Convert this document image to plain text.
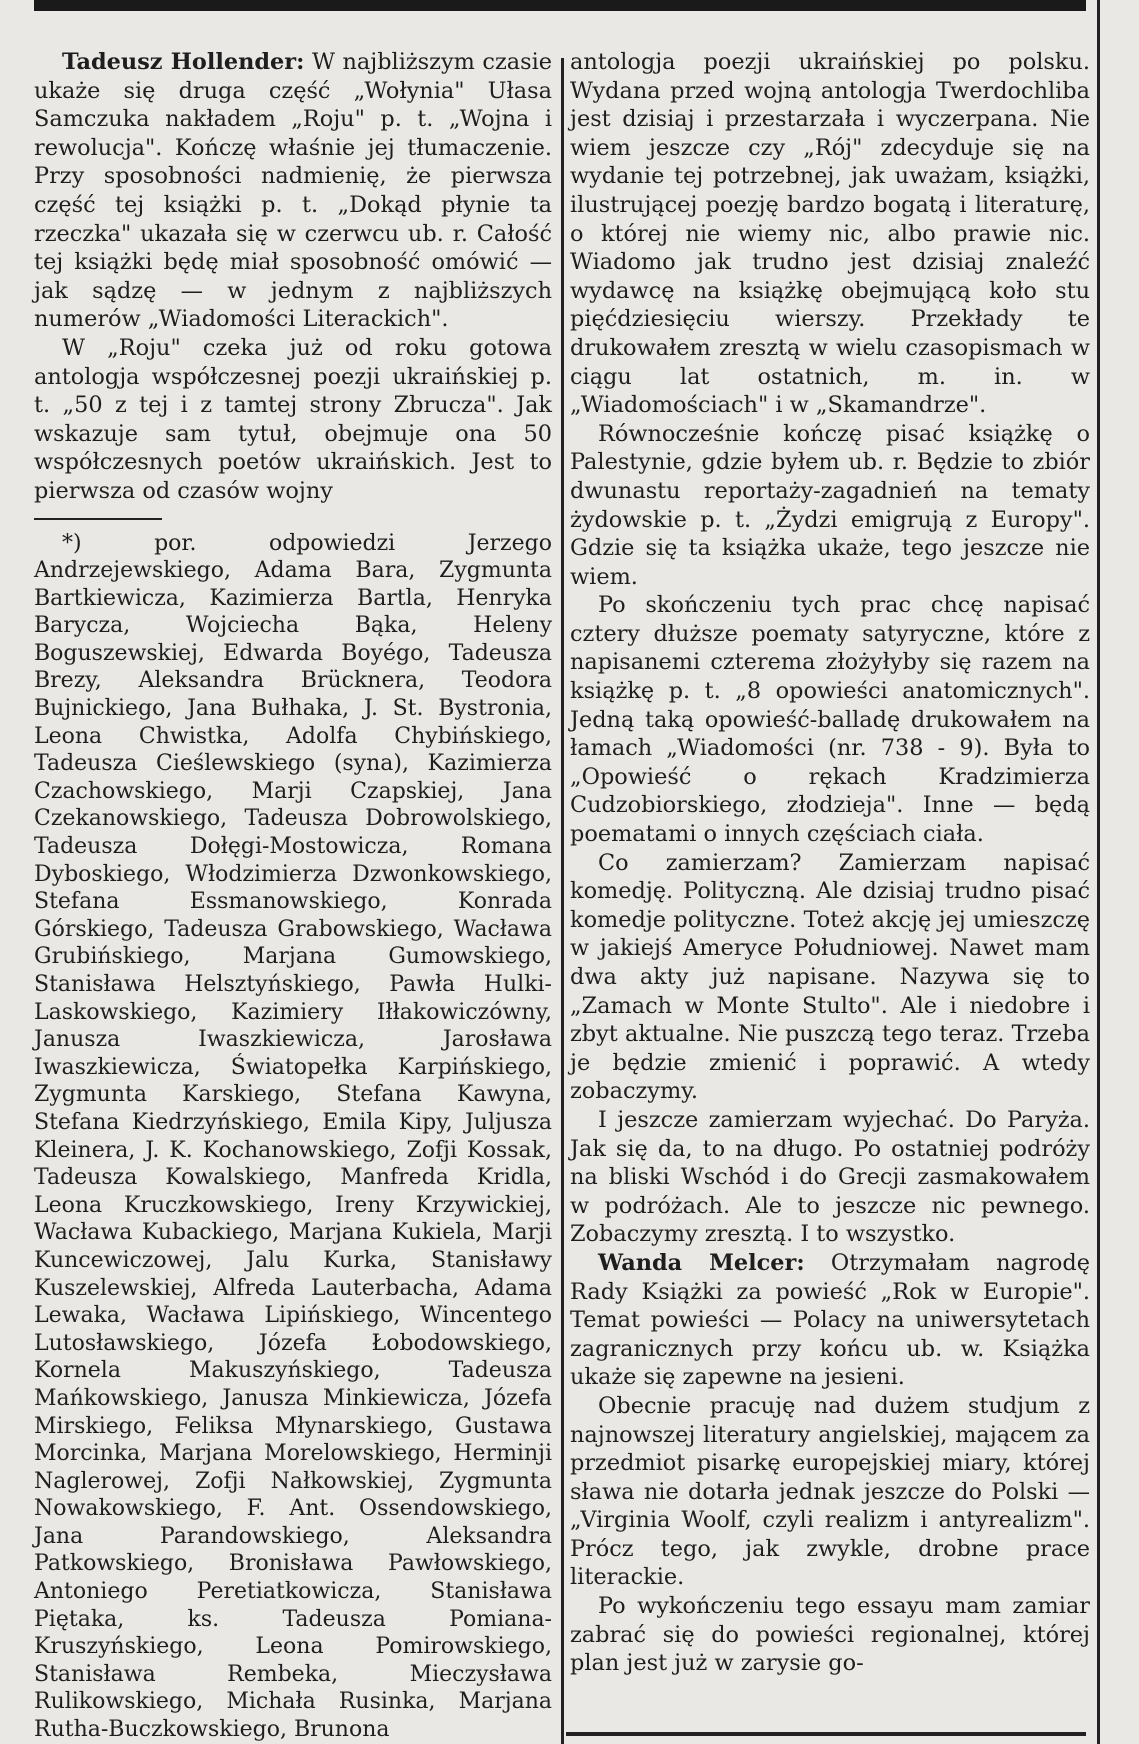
Tadeusz Hollender: W najbliższym czasie ukaże się druga część „Wołynia" Ułasa Samczuka nakładem „Roju" p. t. „Wojna i rewolucja". Kończę właśnie jej tłumaczenie. Przy sposobności nadmienię, że pierwsza część tej książki p. t. „Dokąd płynie ta rzeczka" ukazała się w czerwcu ub. r. Całość tej książki będę miał sposobność omówić — jak sądzę — w jednym z najbliższych numerów „Wiadomości Literackich".

W „Roju" czeka już od roku gotowa antologja współczesnej poezji ukraińskiej p. t. „50 z tej i z tamtej strony Zbrucza". Jak wskazuje sam tytuł, obejmuje ona 50 współczesnych poetów ukraińskich. Jest to pierwsza od czasów wojny

*) por. odpowiedzi Jerzego Andrzejewskiego, Adama Bara, Zygmunta Bartkiewicza, Kazimierza Bartla, Henryka Barycza, Wojciecha Bąka, Heleny Boguszewskiej, Edwarda Boyégo, Tadeusza Brezy, Aleksandra Brücknera, Teodora Bujnickiego, Jana Bułhaka, J. St. Bystronia, Leona Chwistka, Adolfa Chybińskiego, Tadeusza Cieślewskiego (syna), Kazimierza Czachowskiego, Marji Czapskiej, Jana Czekanowskiego, Tadeusza Dobrowolskiego, Tadeusza Dołęgi-Mostowicza, Romana Dyboskiego, Włodzimierza Dzwonkowskiego, Stefana Essmanowskiego, Konrada Górskiego, Tadeusza Grabowskiego, Wacława Grubińskiego, Marjana Gumowskiego, Stanisława Helsztyńskiego, Pawła Hulki-Laskowskiego, Kazimiery Iłłakowiczówny, Janusza Iwaszkiewicza, Jarosława Iwaszkiewicza, Światopełka Karpińskiego, Zygmunta Karskiego, Stefana Kawyna, Stefana Kiedrzyńskiego, Emila Kipy, Juljusza Kleinera, J. K. Kochanowskiego, Zofji Kossak, Tadeusza Kowalskiego, Manfreda Kridla, Leona Kruczkowskiego, Ireny Krzywickiej, Wacława Kubackiego, Marjana Kukiela, Marji Kuncewiczowej, Jalu Kurka, Stanisławy Kuszelewskiej, Alfreda Lauterbacha, Adama Lewaka, Wacława Lipińskiego, Wincentego Lutosławskiego, Józefa Łobodowskiego, Kornela Makuszyńskiego, Tadeusza Mańkowskiego, Janusza Minkiewicza, Józefa Mirskiego, Feliksa Młynarskiego, Gustawa Morcinka, Marjana Morelowskiego, Herminji Naglerowej, Zofji Nałkowskiej, Zygmunta Nowakowskiego, F. Ant. Ossendowskiego, Jana Parandowskiego, Aleksandra Patkowskiego, Bronisława Pawłowskiego, Antoniego Peretiatkowicza, Stanisława Piętaka, ks. Tadeusza Pomiana-Kruszyńskiego, Leona Pomirowskiego, Stanisława Rembeka, Mieczysława Rulikowskiego, Michała Rusinka, Marjana Rutha-Buczkowskiego, Brunona

antologja poezji ukraińskiej po polsku. Wydana przed wojną antologja Twerdochliba jest dzisiaj i przestarzała i wyczerpana. Nie wiem jeszcze czy „Rój" zdecyduje się na wydanie tej potrzebnej, jak uważam, książki, ilustrującej poezję bardzo bogatą i literaturę, o której nie wiemy nic, albo prawie nic. Wiadomo jak trudno jest dzisiaj znaleźć wydawcę na książkę obejmującą koło stu pięćdziesięciu wierszy. Przekłady te drukowałem zresztą w wielu czasopismach w ciągu lat ostatnich, m. in. w „Wiadomościach" i w „Skamandrze".

Równocześnie kończę pisać książkę o Palestynie, gdzie byłem ub. r. Będzie to zbiór dwunastu reportaży-zagadnień na tematy żydowskie p. t. „Żydzi emigrują z Europy". Gdzie się ta książka ukaże, tego jeszcze nie wiem.

Po skończeniu tych prac chcę napisać cztery dłuższe poematy satyryczne, które z napisanemi czterema złożyłyby się razem na książkę p. t. „8 opowieści anatomicznych". Jedną taką opowieść-balladę drukowałem na łamach „Wiadomości (nr. 738 - 9). Była to „Opowieść o rękach Kradzimierza Cudzobiorskiego, złodzieja". Inne — będą poematami o innych częściach ciała.

Co zamierzam? Zamierzam napisać komedję. Polityczną. Ale dzisiaj trudno pisać komedje polityczne. Toteż akcję jej umieszczę w jakiejś Ameryce Południowej. Nawet mam dwa akty już napisane. Nazywa się to „Zamach w Monte Stulto". Ale i niedobre i zbyt aktualne. Nie puszczą tego teraz. Trzeba je będzie zmienić i poprawić. A wtedy zobaczymy.

I jeszcze zamierzam wyjechać. Do Paryża. Jak się da, to na długo. Po ostatniej podróży na bliski Wschód i do Grecji zasmakowałem w podróżach. Ale to jeszcze nic pewnego. Zobaczymy zresztą. I to wszystko.

Wanda Melcer: Otrzymałam nagrodę Rady Książki za powieść „Rok w Europie". Temat powieści — Polacy na uniwersytetach zagranicznych przy końcu ub. w. Książka ukaże się zapewne na jesieni.

Obecnie pracuję nad dużem studjum z najnowszej literatury angielskiej, mającem za przedmiot pisarkę europejskiej miary, której sława nie dotarła jednak jeszcze do Polski — „Virginia Woolf, czyli realizm i antyrealizm". Prócz tego, jak zwykle, drobne prace literackie.

Po wykończeniu tego essayu mam zamiar zabrać się do powieści regionalnej, której plan jest już w zarysie go-
